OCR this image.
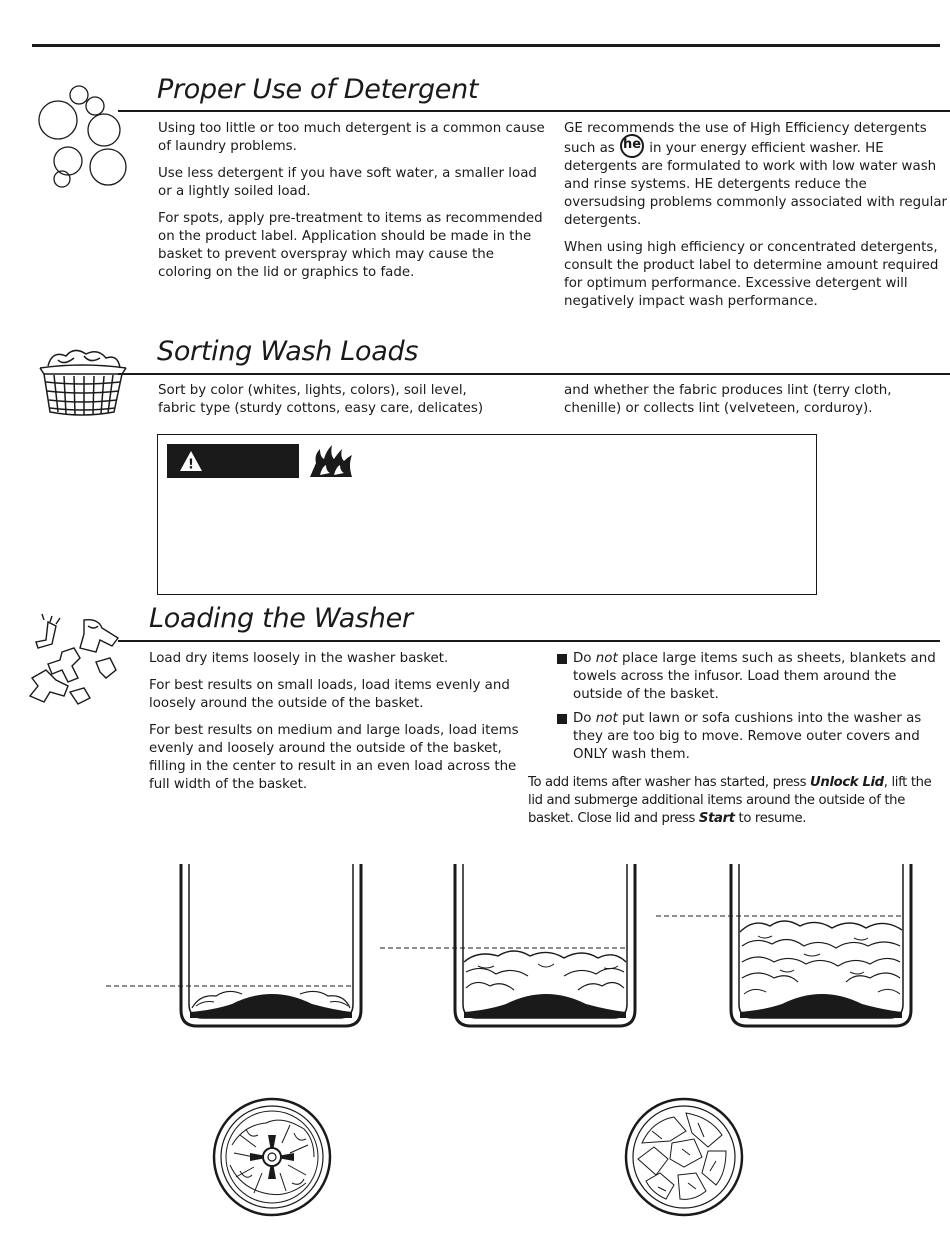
Proper Use of Detergent

Using too little or too much detergent is a common cause of laundry problems.

Use less detergent if you have soft water, a smaller load or a lightly soiled load.

For spots, apply pre-treatment to items as recommended on the product label. Application should be made in the basket to prevent overspray which may cause the coloring on the lid or graphics to fade.

GE recommends the use of High Efficiency detergents such as he in your energy efficient washer. HE detergents are formulated to work with low water wash and rinse systems. HE detergents reduce the oversudsing problems commonly associated with regular detergents.

When using high efficiency or concentrated detergents, consult the product label to determine amount required for optimum performance. Excessive detergent will negatively impact wash performance.

Sorting Wash Loads

Sort by color (whites, lights, colors), soil level, fabric type (sturdy cottons, easy care, delicates)

and whether the fabric produces lint (terry cloth, chenille) or collects lint (velveteen, corduroy).

!
Loading the Washer

Load dry items loosely in the washer basket.

For best results on small loads, load items evenly and loosely around the outside of the basket.

For best results on medium and large loads, load items evenly and loosely around the outside of the basket, filling in the center to result in an even load across the full width of the basket.

Do not place large items such as sheets, blankets and towels across the infusor. Load them around the outside of the basket.
Do not put lawn or sofa cushions into the washer as they are too big to move. Remove outer covers and ONLY wash them.

To add items after washer has started, press Unlock Lid, lift the lid and submerge additional items around the outside of the basket. Close lid and press Start to resume.
